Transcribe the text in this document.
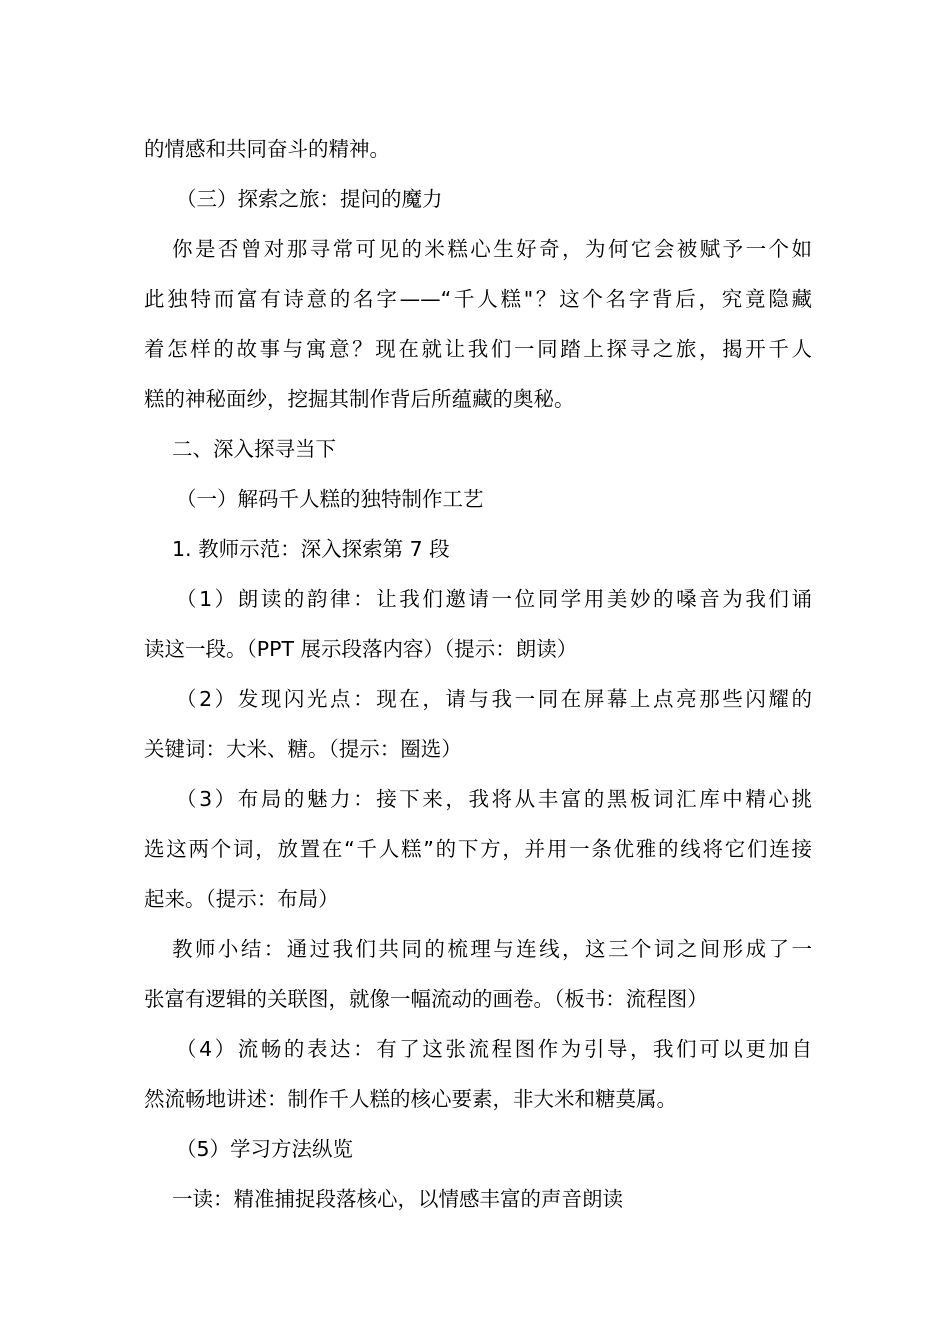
的情感和共同奋斗的精神。
（三）探索之旅：提问的魔力
你是否曾对那寻常可见的米糕心生好奇，为何它会被赋予一个如
此独特而富有诗意的名字——“千人糕"？这个名字背后，究竟隐藏
着怎样的故事与寓意？现在就让我们一同踏上探寻之旅，揭开千人
糕的神秘面纱，挖掘其制作背后所蕴藏的奥秘。
二、深入探寻当下
（一）解码千人糕的独特制作工艺
1. 教师示范：深入探索第 7 段
（1）朗读的韵律：让我们邀请一位同学用美妙的嗓音为我们诵
读这一段。（PPT 展示段落内容）（提示：朗读）
（2）发现闪光点：现在，请与我一同在屏幕上点亮那些闪耀的
关键词：大米、糖。（提示：圈选）
（3）布局的魅力：接下来，我将从丰富的黑板词汇库中精心挑
选这两个词，放置在“千人糕”的下方，并用一条优雅的线将它们连接
起来。（提示：布局）
教师小结：通过我们共同的梳理与连线，这三个词之间形成了一
张富有逻辑的关联图，就像一幅流动的画卷。（板书：流程图）
（4）流畅的表达：有了这张流程图作为引导，我们可以更加自
然流畅地讲述：制作千人糕的核心要素，非大米和糖莫属。
（5）学习方法纵览
一读：精准捕捉段落核心，以情感丰富的声音朗读
